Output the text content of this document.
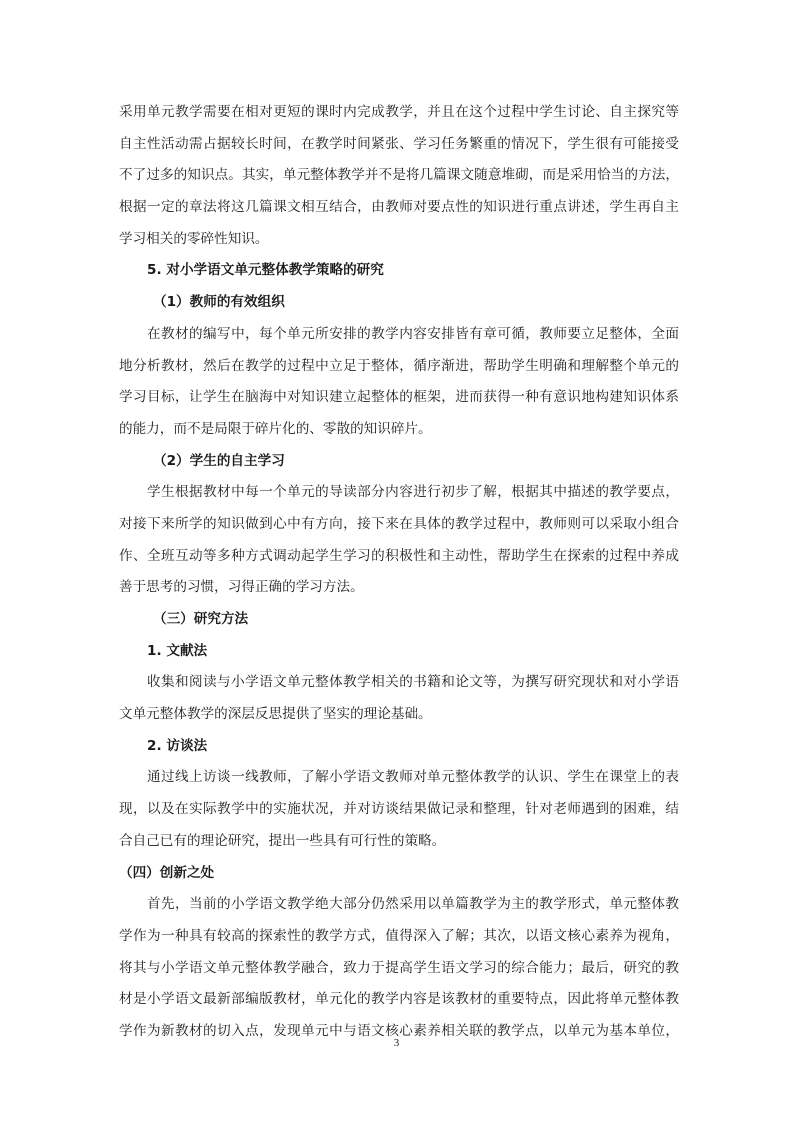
采用单元教学需要在相对更短的课时内完成教学，并且在这个过程中学生讨论、自主探究等
自主性活动需占据较长时间，在教学时间紧张、学习任务繁重的情况下，学生很有可能接受
不了过多的知识点。其实，单元整体教学并不是将几篇课文随意堆砌，而是采用恰当的方法，
根据一定的章法将这几篇课文相互结合，由教师对要点性的知识进行重点讲述，学生再自主
学习相关的零碎性知识。
5. 对小学语文单元整体教学策略的研究
（1）教师的有效组织
在教材的编写中，每个单元所安排的教学内容安排皆有章可循，教师要立足整体，全面
地分析教材，然后在教学的过程中立足于整体，循序渐进，帮助学生明确和理解整个单元的
学习目标，让学生在脑海中对知识建立起整体的框架，进而获得一种有意识地构建知识体系
的能力，而不是局限于碎片化的、零散的知识碎片。
（2）学生的自主学习
学生根据教材中每一个单元的导读部分内容进行初步了解，根据其中描述的教学要点，
对接下来所学的知识做到心中有方向，接下来在具体的教学过程中，教师则可以采取小组合
作、全班互动等多种方式调动起学生学习的积极性和主动性，帮助学生在探索的过程中养成
善于思考的习惯，习得正确的学习方法。
（三）研究方法
1. 文献法
收集和阅读与小学语文单元整体教学相关的书籍和论文等，为撰写研究现状和对小学语
文单元整体教学的深层反思提供了坚实的理论基础。
2. 访谈法
通过线上访谈一线教师，了解小学语文教师对单元整体教学的认识、学生在课堂上的表
现，以及在实际教学中的实施状况，并对访谈结果做记录和整理，针对老师遇到的困难，结
合自己已有的理论研究，提出一些具有可行性的策略。
（四）创新之处
首先，当前的小学语文教学绝大部分仍然采用以单篇教学为主的教学形式，单元整体教
学作为一种具有较高的探索性的教学方式，值得深入了解；其次，以语文核心素养为视角，
将其与小学语文单元整体教学融合，致力于提高学生语文学习的综合能力；最后，研究的教
材是小学语文最新部编版教材，单元化的教学内容是该教材的重要特点，因此将单元整体教
学作为新教材的切入点，发现单元中与语文核心素养相关联的教学点，以单元为基本单位，
3
